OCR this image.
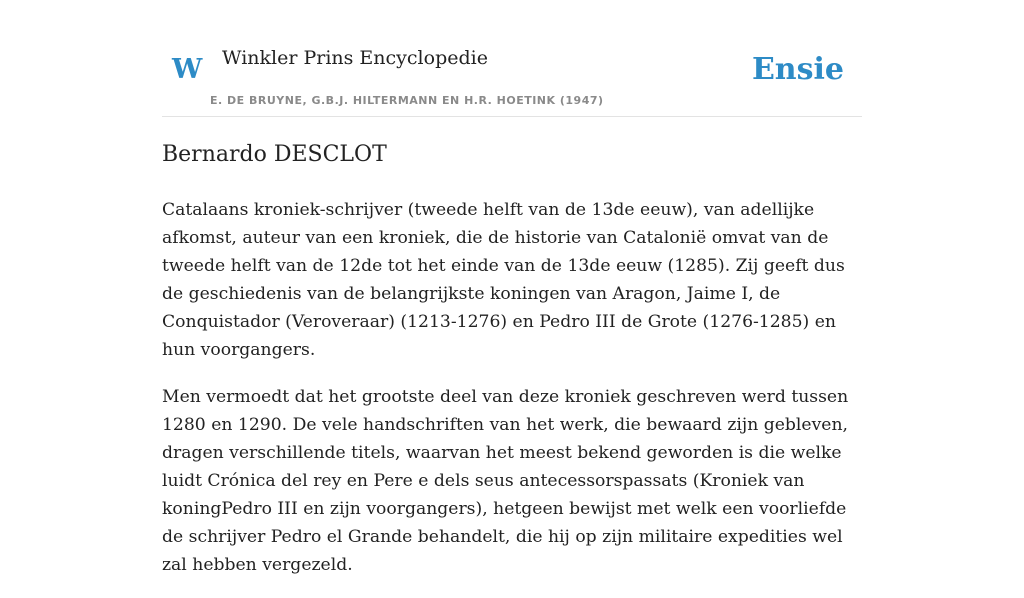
W Winkler Prins Encyclopedie
E. DE BRUYNE, G.B.J. HILTERMANN EN H.R. HOETINK (1947)
Ensie
Bernardo DESCLOT

Catalaans kroniek-schrijver (tweede helft van de 13de eeuw), van adellijke afkomst, auteur van een kroniek, die de historie van Catalonië omvat van de tweede helft van de 12de tot het einde van de 13de eeuw (1285). Zij geeft dus de geschiedenis van de belangrijkste koningen van Aragon, Jaime I, de Conquistador (Veroveraar) (1213-1276) en Pedro III de Grote (1276-1285) en hun voorgangers.

Men vermoedt dat het grootste deel van deze kroniek geschreven werd tussen 1280 en 1290. De vele handschriften van het werk, die bewaard zijn gebleven, dragen verschillende titels, waarvan het meest bekend geworden is die welke luidt Crónica del rey en Pere e dels seus antecessorspassats (Kroniek van koningPedro III en zijn voorgangers), hetgeen bewijst met welk een voorliefde de schrijver Pedro el Grande behandelt, die hij op zijn militaire expedities wel zal hebben vergezeld.
